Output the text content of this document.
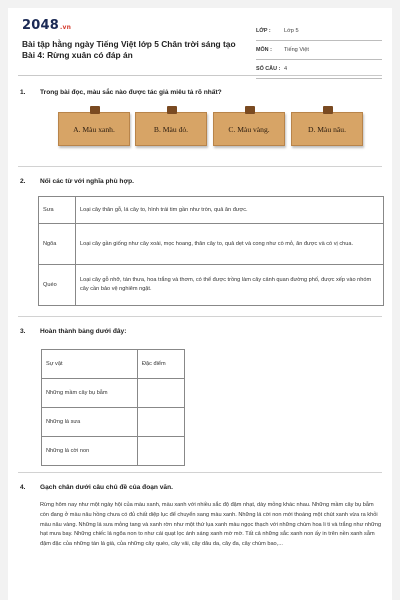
2048.vn
Bài tập hằng ngày Tiếng Việt lớp 5 Chân trời sáng tạo Bài 4: Rừng xuân có đáp án
LỚP : Lớp 5
MÔN : Tiếng Việt
SỐ CÂU : 4
1. Trong bài đọc, màu sắc nào được tác giả miêu tả rõ nhất?
A. Màu xanh.	B. Màu đỏ.	C. Màu vàng.	D. Màu nâu.
2. Nối các từ với nghĩa phù hợp.
Sưa	Loại cây thân gỗ, lá cây to, hình trái tim gần như tròn, quả ăn được.
Ngõa	Loại cây gần giống như cây xoài, mọc hoang, thân cây to, quả dẹt và cong như cò mỏ, ăn được và có vị chua.
Quéo	Loại cây gỗ nhỡ, tán thưa, hoa trắng và thơm, có thể được trồng làm cây cảnh quan đường phố, được xếp vào nhóm cây cần bảo vệ nghiêm ngặt.
3. Hoàn thành bảng dưới đây:
Sự vật	Đặc điểm
Những mầm cây bụ bẫm	
Những lá sưa	
Những lá cời non	
4. Gạch chân dưới câu chủ đề của đoạn văn.
Rừng hôm nay như một ngày hội của màu xanh, màu xanh với nhiều sắc độ đậm nhạt, dày mỏng khác nhau. Những mầm cây bụ bẫm còn đang ở màu nâu hồng chưa có đủ chất diệp lục để chuyển sang màu xanh. Những lá cời non mới thoáng một chút xanh vừa ra khỏi màu nâu vàng. Những lá sưa mỏng tang và xanh rờn như một thứ lụa xanh màu ngọc thạch với những chùm hoa li ti và trắng như những hạt mưa bay. Những chiếc lá ngõa non to như cái quạt lọc ánh sáng xanh mờ mờ. Tất cả những sắc xanh non ấy in trên nền xanh sẫm đậm đặc của những tán lá già, của những cây quéo, cây vải, cây dâu da, cây đa, cây chùm bao,...
